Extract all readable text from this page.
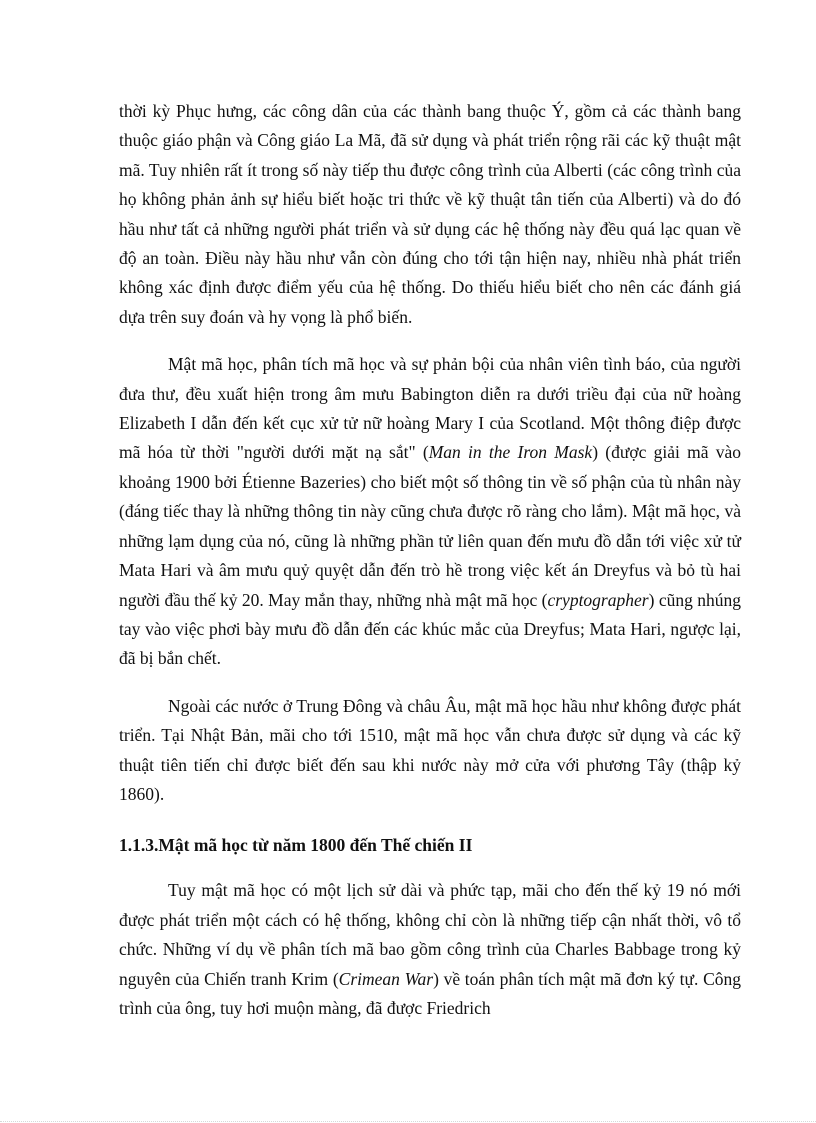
thời kỳ Phục hưng, các công dân của các thành bang thuộc Ý, gồm cả các thành bang thuộc giáo phận và Công giáo La Mã, đã sử dụng và phát triển rộng rãi các kỹ thuật mật mã. Tuy nhiên rất ít trong số này tiếp thu được công trình của Alberti (các công trình của họ không phản ảnh sự hiểu biết hoặc tri thức về kỹ thuật tân tiến của Alberti) và do đó hầu như tất cả những người phát triển và sử dụng các hệ thống này đều quá lạc quan về độ an toàn. Điều này hầu như vẫn còn đúng cho tới tận hiện nay, nhiều nhà phát triển không xác định được điểm yếu của hệ thống. Do thiếu hiểu biết cho nên các đánh giá dựa trên suy đoán và hy vọng là phổ biến.

Mật mã học, phân tích mã học và sự phản bội của nhân viên tình báo, của người đưa thư, đều xuất hiện trong âm mưu Babington diễn ra dưới triều đại của nữ hoàng Elizabeth I dẫn đến kết cục xử tử nữ hoàng Mary I của Scotland. Một thông điệp được mã hóa từ thời "người dưới mặt nạ sắt" (Man in the Iron Mask) (được giải mã vào khoảng 1900 bởi Étienne Bazeries) cho biết một số thông tin về số phận của tù nhân này (đáng tiếc thay là những thông tin này cũng chưa được rõ ràng cho lắm). Mật mã học, và những lạm dụng của nó, cũng là những phần tử liên quan đến mưu đồ dẫn tới việc xử tử Mata Hari và âm mưu quỷ quyệt dẫn đến trò hề trong việc kết án Dreyfus và bỏ tù hai người đầu thế kỷ 20. May mắn thay, những nhà mật mã học (cryptographer) cũng nhúng tay vào việc phơi bày mưu đồ dẫn đến các khúc mắc của Dreyfus; Mata Hari, ngược lại, đã bị bắn chết.

Ngoài các nước ở Trung Đông và châu Âu, mật mã học hầu như không được phát triển. Tại Nhật Bản, mãi cho tới 1510, mật mã học vẫn chưa được sử dụng và các kỹ thuật tiên tiến chỉ được biết đến sau khi nước này mở cửa với phương Tây (thập kỷ 1860).

1.1.3.Mật mã học từ năm 1800 đến Thế chiến II

Tuy mật mã học có một lịch sử dài và phức tạp, mãi cho đến thế kỷ 19 nó mới được phát triển một cách có hệ thống, không chỉ còn là những tiếp cận nhất thời, vô tổ chức. Những ví dụ về phân tích mã bao gồm công trình của Charles Babbage trong kỷ nguyên của Chiến tranh Krim (Crimean War) về toán phân tích mật mã đơn ký tự. Công trình của ông, tuy hơi muộn màng, đã được Friedrich
